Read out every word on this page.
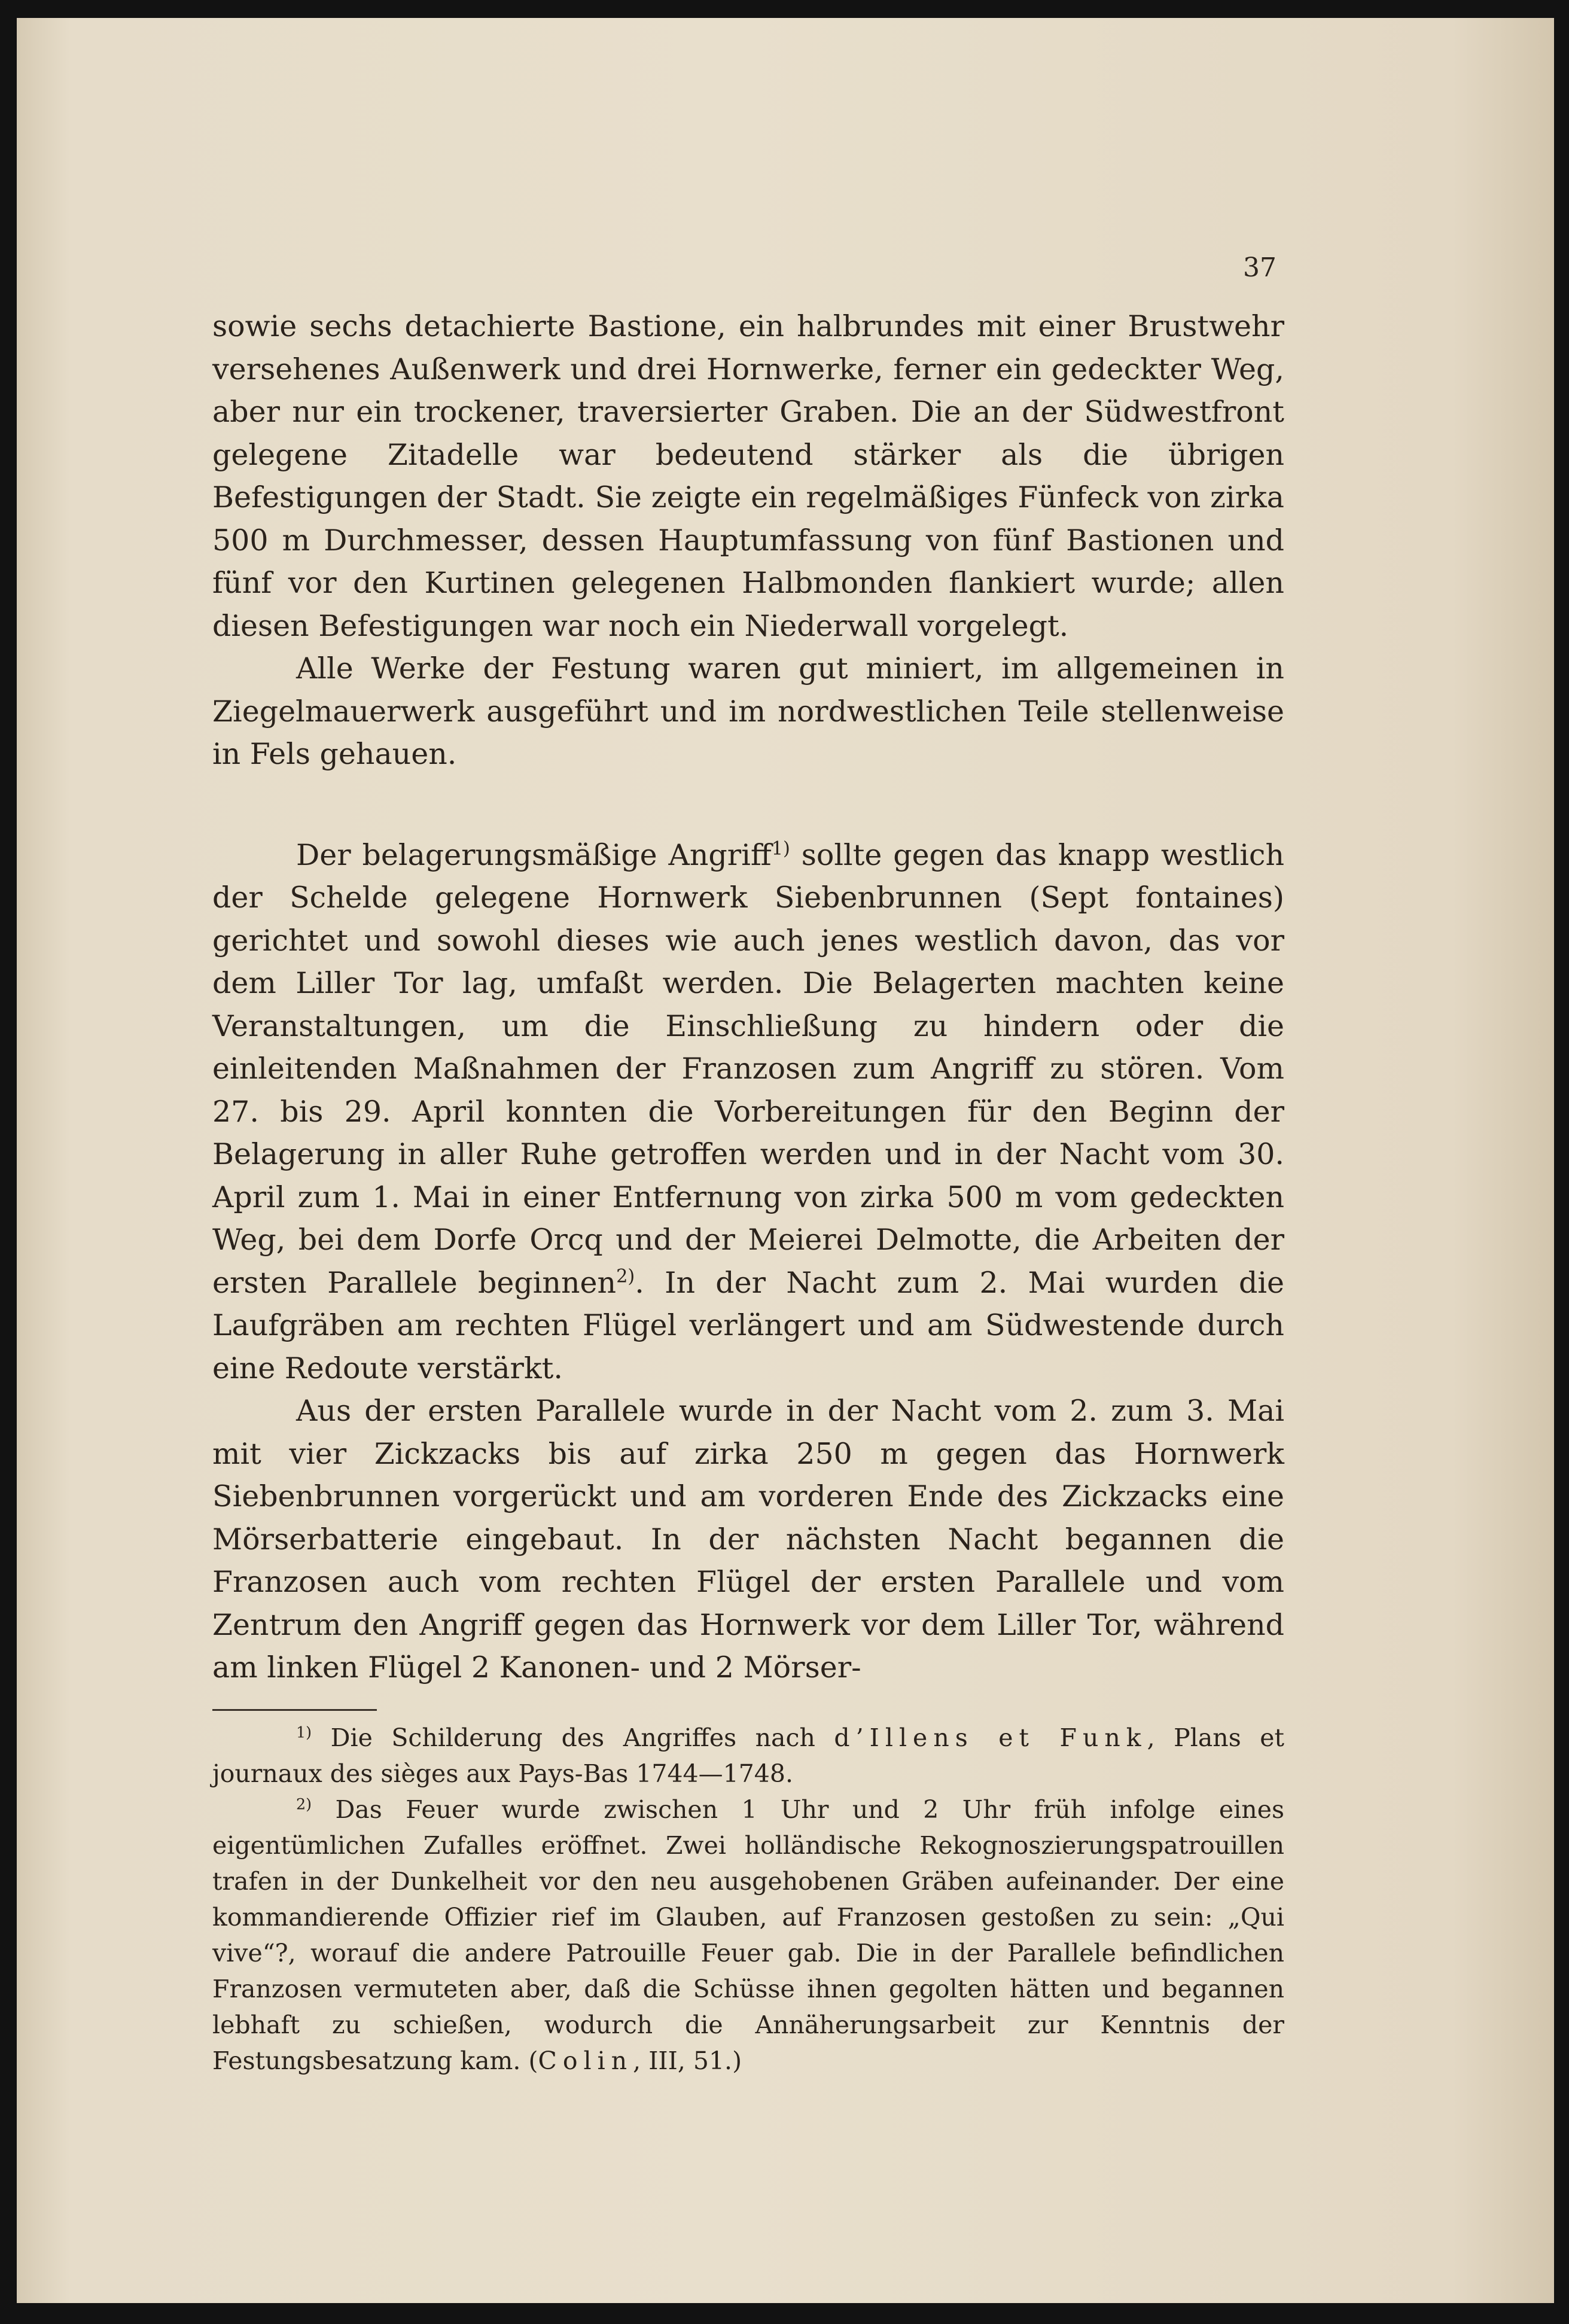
37

sowie sechs detachierte Bastione, ein halbrundes mit einer Brustwehr versehenes Außenwerk und drei Hornwerke, ferner ein gedeckter Weg, aber nur ein trockener, traversierter Graben. Die an der Südwestfront gelegene Zitadelle war bedeutend stärker als die übrigen Befestigungen der Stadt. Sie zeigte ein regelmäßiges Fünfeck von zirka 500 m Durchmesser, dessen Hauptumfassung von fünf Bastionen und fünf vor den Kurtinen gelegenen Halbmonden flankiert wurde; allen diesen Befestigungen war noch ein Niederwall vorgelegt.

Alle Werke der Festung waren gut miniert, im allgemeinen in Ziegelmauerwerk ausgeführt und im nordwestlichen Teile stellenweise in Fels gehauen.

Der belagerungsmäßige Angriff$^{1)}$ sollte gegen das knapp westlich der Schelde gelegene Hornwerk Siebenbrunnen (Sept fontaines) gerichtet und sowohl dieses wie auch jenes westlich davon, das vor dem Liller Tor lag, umfaßt werden. Die Belagerten machten keine Veranstaltungen, um die Einschließung zu hindern oder die einleitenden Maßnahmen der Franzosen zum Angriff zu stören. Vom 27. bis 29. April konnten die Vorbereitungen für den Beginn der Belagerung in aller Ruhe getroffen werden und in der Nacht vom 30. April zum 1. Mai in einer Entfernung von zirka 500 m vom gedeckten Weg, bei dem Dorfe Orcq und der Meierei Delmotte, die Arbeiten der ersten Parallele beginnen$^{2)}$. In der Nacht zum 2. Mai wurden die Laufgräben am rechten Flügel verlängert und am Südwestende durch eine Redoute verstärkt.

Aus der ersten Parallele wurde in der Nacht vom 2. zum 3. Mai mit vier Zickzacks bis auf zirka 250 m gegen das Hornwerk Siebenbrunnen vorgerückt und am vorderen Ende des Zickzacks eine Mörserbatterie eingebaut. In der nächsten Nacht begannen die Franzosen auch vom rechten Flügel der ersten Parallele und vom Zentrum den Angriff gegen das Hornwerk vor dem Liller Tor, während am linken Flügel 2 Kanonen- und 2 Mörser-

$^{1)}$ Die Schilderung des Angriffes nach d’Illens et Funk, Plans et journaux des sièges aux Pays-Bas 1744—1748.

$^{2)}$ Das Feuer wurde zwischen 1 Uhr und 2 Uhr früh infolge eines eigentümlichen Zufalles eröffnet. Zwei holländische Rekognoszierungspatrouillen trafen in der Dunkelheit vor den neu ausgehobenen Gräben aufeinander. Der eine kommandierende Offizier rief im Glauben, auf Franzosen gestoßen zu sein: „Qui vive“?, worauf die andere Patrouille Feuer gab. Die in der Parallele befindlichen Franzosen vermuteten aber, daß die Schüsse ihnen gegolten hätten und begannen lebhaft zu schießen, wodurch die Annäherungsarbeit zur Kenntnis der Festungsbesatzung kam. (Colin, III, 51.)
